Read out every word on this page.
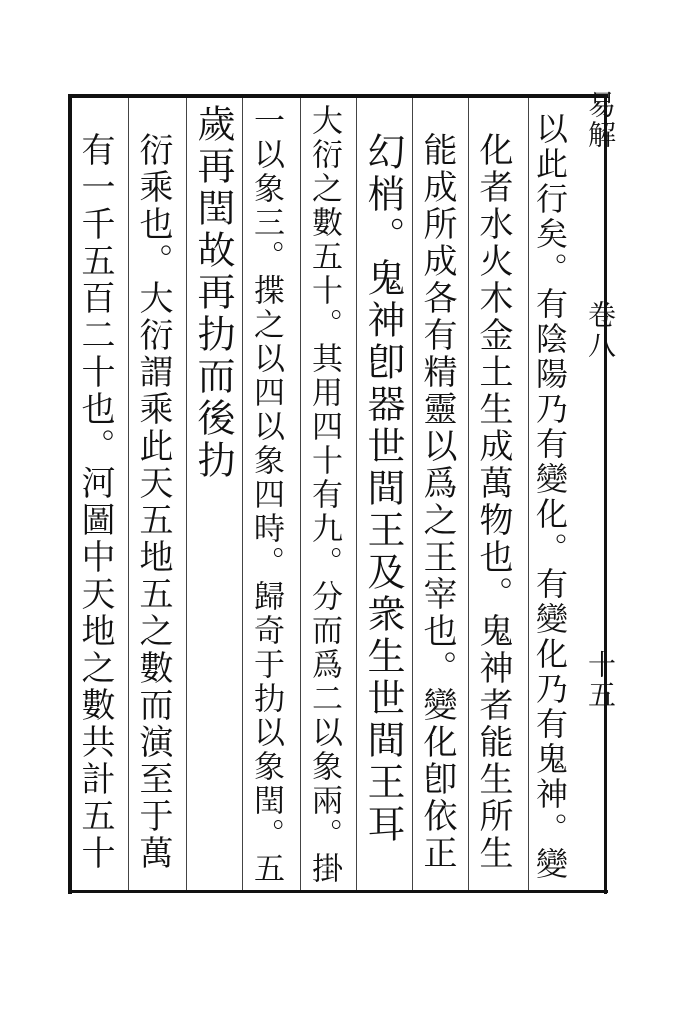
易解
卷八
十五
以此行矣。有陰陽乃有變化。有變化乃有鬼神。變
化者水火木金土生成萬物也。鬼神者能生所生
能成所成各有精靈以爲之王宰也。變化卽依正
幻梢。鬼神卽器世間王及衆生世間王耳
大衍之數五十。其用四十有九。分而爲二以象兩。掛
一以象三。揲之以四以象四時。歸奇于扐以象閏。五
歲再閏故再扐而後扐
衍乘也。大衍謂乘此天五地五之數而演至于萬
有一千五百二十也。河圖中天地之數共計五十
